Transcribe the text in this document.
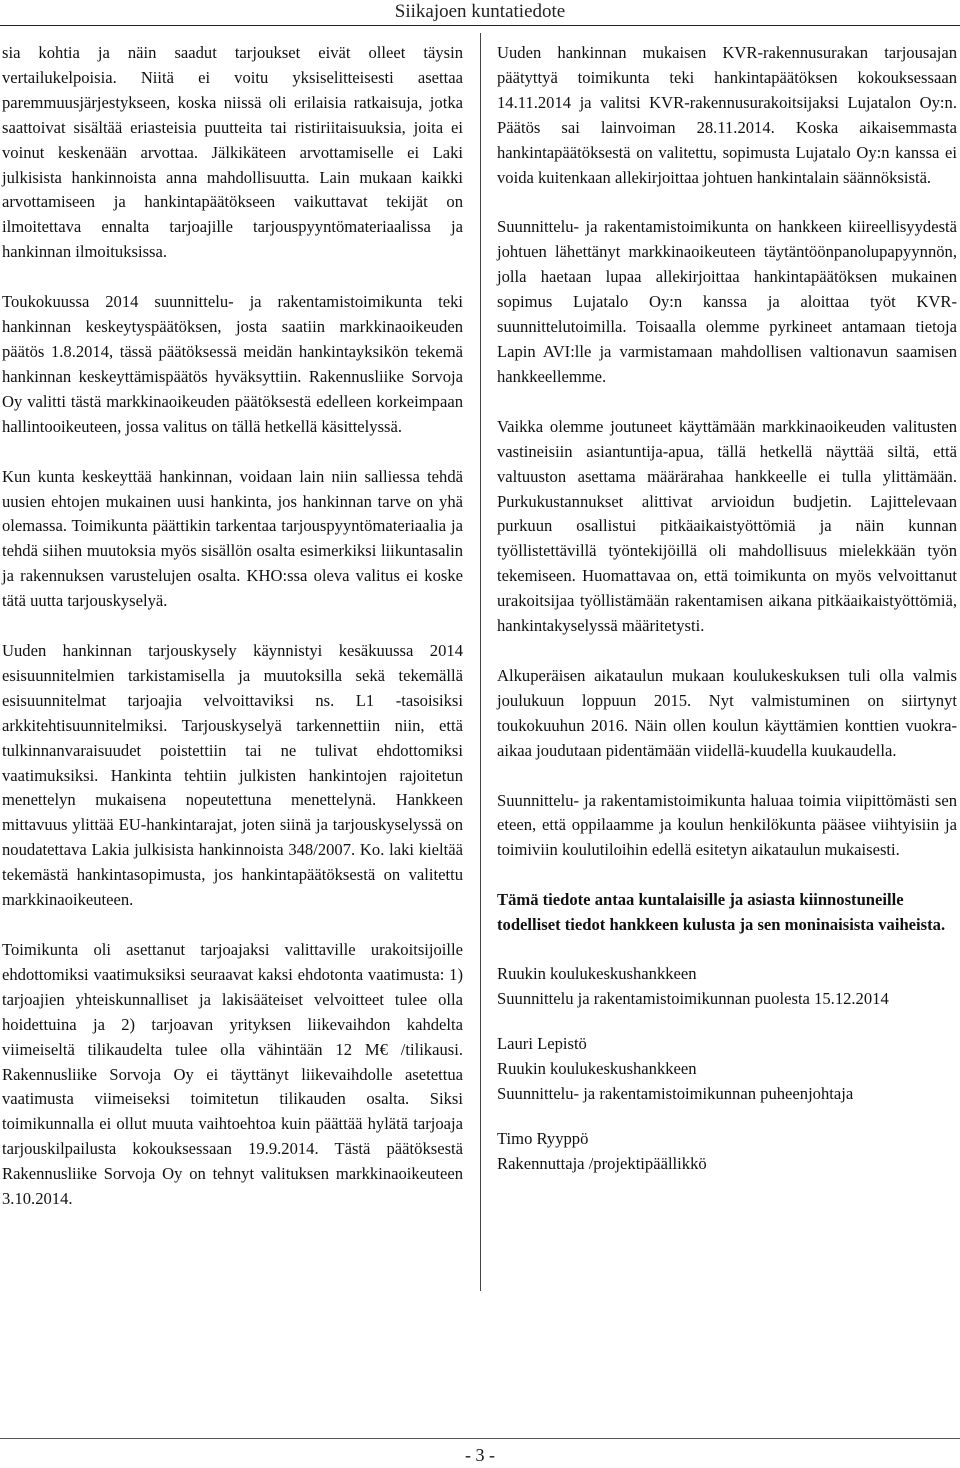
Siikajoen kuntatiedote

sia kohtia ja näin saadut tarjoukset eivät olleet täysin vertailukelpoisia. Niitä ei voitu yksiselitteisesti asettaa paremmuusjärjestykseen, koska niissä oli erilaisia ratkaisuja, jotka saattoivat sisältää eriasteisia puutteita tai ristiriitaisuuksia, joita ei voinut keskenään arvottaa. Jälkikäteen arvottamiselle ei Laki julkisista hankinnoista anna mahdollisuutta. Lain mukaan kaikki arvottamiseen ja hankintapäätökseen vaikuttavat tekijät on ilmoitettava ennalta tarjoajille tarjouspyyntömateriaalissa ja hankinnan ilmoituksissa.

Toukokuussa 2014 suunnittelu- ja rakentamistoimikunta teki hankinnan keskeytyspäätöksen, josta saatiin markkinaoikeuden päätös 1.8.2014, tässä päätöksessä meidän hankintayksikön tekemä hankinnan keskeyttämispäätös hyväksyttiin. Rakennusliike Sorvoja Oy valitti tästä markkinaoikeuden päätöksestä edelleen korkeimpaan hallintooikeuteen, jossa valitus on tällä hetkellä käsittelyssä.

Kun kunta keskeyttää hankinnan, voidaan lain niin salliessa tehdä uusien ehtojen mukainen uusi hankinta, jos hankinnan tarve on yhä olemassa. Toimikunta päättikin tarkentaa tarjouspyyntömateriaalia ja tehdä siihen muutoksia myös sisällön osalta esimerkiksi liikuntasalin ja rakennuksen varustelujen osalta. KHO:ssa oleva valitus ei koske tätä uutta tarjouskyselyä.

Uuden hankinnan tarjouskysely käynnistyi kesäkuussa 2014 esisuunnitelmien tarkistamisella ja muutoksilla sekä tekemällä esisuunnitelmat tarjoajia velvoittaviksi ns. L1 -tasoisiksi arkkitehtisuunnitelmiksi. Tarjouskyselyä tarkennettiin niin, että tulkinnanvaraisuudet poistettiin tai ne tulivat ehdottomiksi vaatimuksiksi. Hankinta tehtiin julkisten hankintojen rajoitetun menettelyn mukaisena nopeutettuna menettelynä. Hankkeen mittavuus ylittää EU-hankintarajat, joten siinä ja tarjouskyselyssä on noudatettava Lakia julkisista hankinnoista 348/2007. Ko. laki kieltää tekemästä hankintasopimusta, jos hankintapäätöksestä on valitettu markkinaoikeuteen.

Toimikunta oli asettanut tarjoajaksi valittaville urakoitsijoille ehdottomiksi vaatimuksiksi seuraavat kaksi ehdotonta vaatimusta: 1) tarjoajien yhteiskunnalliset ja lakisääteiset velvoitteet tulee olla hoidettuina ja 2) tarjoavan yrityksen liikevaihdon kahdelta viimeiseltä tilikaudelta tulee olla vähintään 12 M€ /tilikausi. Rakennusliike Sorvoja Oy ei täyttänyt liikevaihdolle asetettua vaatimusta viimeiseksi toimitetun tilikauden osalta. Siksi toimikunnalla ei ollut muuta vaihtoehtoa kuin päättää hylätä tarjoaja tarjouskilpailusta kokouksessaan 19.9.2014. Tästä päätöksestä Rakennusliike Sorvoja Oy on tehnyt valituksen markkinaoikeuteen 3.10.2014.

Uuden hankinnan mukaisen KVR-rakennusurakan tarjousajan päätyttyä toimikunta teki hankintapäätöksen kokouksessaan 14.11.2014 ja valitsi KVR-rakennusurakoitsijaksi Lujatalon Oy:n. Päätös sai lainvoiman 28.11.2014. Koska aikaisemmasta hankintapäätöksestä on valitettu, sopimusta Lujatalo Oy:n kanssa ei voida kuitenkaan allekirjoittaa johtuen hankintalain säännöksistä.

Suunnittelu- ja rakentamistoimikunta on hankkeen kiireellisyydestä johtuen lähettänyt markkinaoikeuteen täytäntöönpanolupapyynnön, jolla haetaan lupaa allekirjoittaa hankintapäätöksen mukainen sopimus Lujatalo Oy:n kanssa ja aloittaa työt KVR-suunnittelutoimilla. Toisaalla olemme pyrkineet antamaan tietoja Lapin AVI:lle ja varmistamaan mahdollisen valtionavun saamisen hankkeellemme.

Vaikka olemme joutuneet käyttämään markkinaoikeuden valitusten vastineisiin asiantuntija-apua, tällä hetkellä näyttää siltä, että valtuuston asettama määrärahaa hankkeelle ei tulla ylittämään. Purkukustannukset alittivat arvioidun budjetin. Lajittelevaan purkuun osallistui pitkäaikaistyöttömiä ja näin kunnan työllistettävillä työntekijöillä oli mahdollisuus mielekkään työn tekemiseen. Huomattavaa on, että toimikunta on myös velvoittanut urakoitsijaa työllistämään rakentamisen aikana pitkäaikaistyöttömiä, hankintakyselyssä määritetysti.

Alkuperäisen aikataulun mukaan koulukeskuksen tuli olla valmis joulukuun loppuun 2015. Nyt valmistuminen on siirtynyt toukokuuhun 2016. Näin ollen koulun käyttämien konttien vuokra-aikaa joudutaan pidentämään viidellä-kuudella kuukaudella.

Suunnittelu- ja rakentamistoimikunta haluaa toimia viipittömästi sen eteen, että oppilaamme ja koulun henkilökunta pääsee viihtyisiin ja toimiviin koulutiloihin edellä esitetyn aikataulun mukaisesti.

Tämä tiedote antaa kuntalaisille ja asiasta kiinnostuneille todelliset tiedot hankkeen kulusta ja sen moninaisista vaiheista.

Ruukin koulukeskushankkeen
Suunnittelu ja rakentamistoimikunnan puolesta 15.12.2014

Lauri Lepistö
Ruukin koulukeskushankkeen
Suunnittelu- ja rakentamistoimikunnan puheenjohtaja

Timo Ryyppö
Rakennuttaja /projektipäällikkö

- 3 -
